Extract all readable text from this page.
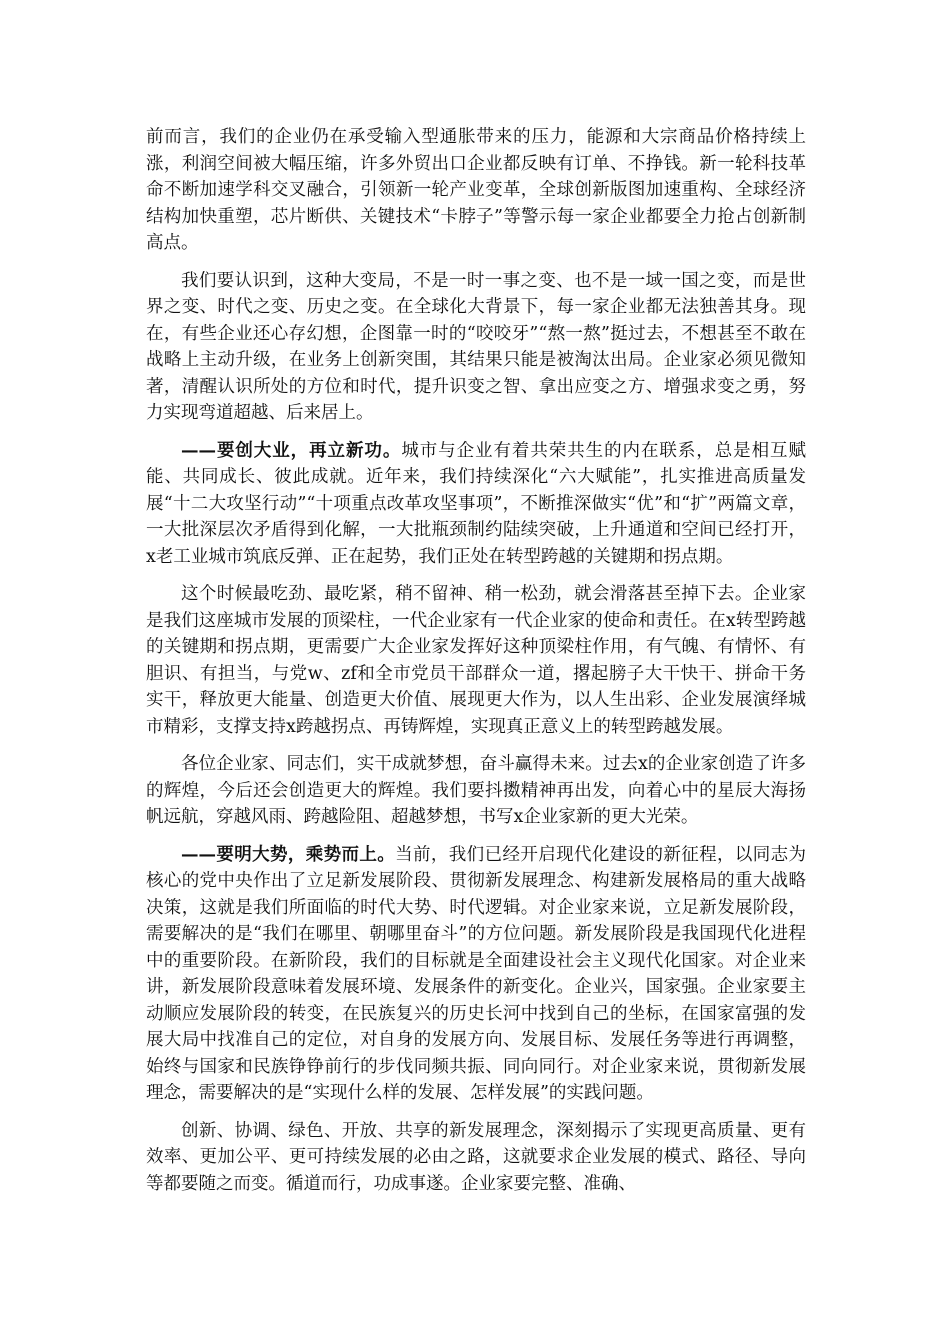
前而言，我们的企业仍在承受输入型通胀带来的压力，能源和大宗商品价格持续上涨，利润空间被大幅压缩，许多外贸出口企业都反映有订单、不挣钱。新一轮科技革命不断加速学科交叉融合，引领新一轮产业变革，全球创新版图加速重构、全球经济结构加快重塑，芯片断供、关键技术“卡脖子”等警示每一家企业都要全力抢占创新制高点。

我们要认识到，这种大变局，不是一时一事之变、也不是一域一国之变，而是世界之变、时代之变、历史之变。在全球化大背景下，每一家企业都无法独善其身。现在，有些企业还心存幻想，企图靠一时的“咬咬牙”“熬一熬”挺过去，不想甚至不敢在战略上主动升级，在业务上创新突围，其结果只能是被淘汰出局。企业家必须见微知著，清醒认识所处的方位和时代，提升识变之智、拿出应变之方、增强求变之勇，努力实现弯道超越、后来居上。

——要创大业，再立新功。城市与企业有着共荣共生的内在联系，总是相互赋能、共同成长、彼此成就。近年来，我们持续深化“六大赋能”，扎实推进高质量发展“十二大攻坚行动”“十项重点改革攻坚事项”，不断推深做实“优”和“扩”两篇文章，一大批深层次矛盾得到化解，一大批瓶颈制约陆续突破，上升通道和空间已经打开， x老工业城市筑底反弹、正在起势，我们正处在转型跨越的关键期和拐点期。

这个时候最吃劲、最吃紧，稍不留神、稍一松劲，就会滑落甚至掉下去。企业家是我们这座城市发展的顶梁柱，一代企业家有一代企业家的使命和责任。在x转型跨越的关键期和拐点期，更需要广大企业家发挥好这种顶梁柱作用，有气魄、有情怀、有胆识、有担当，与党w、zf和全市党员干部群众一道，撂起膀子大干快干、拼命干务实干，释放更大能量、创造更大价值、展现更大作为，以人生出彩、企业发展演绎城市精彩，支撑支持x跨越拐点、再铸辉煌，实现真正意义上的转型跨越发展。

各位企业家、同志们，实干成就梦想，奋斗赢得未来。过去x的企业家创造了许多的辉煌，今后还会创造更大的辉煌。我们要抖擞精神再出发，向着心中的星辰大海扬帆远航，穿越风雨、跨越险阻、超越梦想，书写x企业家新的更大光荣。

——要明大势，乘势而上。当前，我们已经开启现代化建设的新征程，以同志为核心的党中央作出了立足新发展阶段、贯彻新发展理念、构建新发展格局的重大战略决策，这就是我们所面临的时代大势、时代逻辑。对企业家来说，立足新发展阶段，需要解决的是“我们在哪里、朝哪里奋斗”的方位问题。新发展阶段是我国现代化进程中的重要阶段。在新阶段，我们的目标就是全面建设社会主义现代化国家。对企业来讲，新发展阶段意味着发展环境、发展条件的新变化。企业兴，国家强。企业家要主动顺应发展阶段的转变，在民族复兴的历史长河中找到自己的坐标，在国家富强的发展大局中找准自己的定位，对自身的发展方向、发展目标、发展任务等进行再调整，始终与国家和民族铮铮前行的步伐同频共振、同向同行。对企业家来说，贯彻新发展理念，需要解决的是“实现什么样的发展、怎样发展”的实践问题。

创新、协调、绿色、开放、共享的新发展理念，深刻揭示了实现更高质量、更有效率、更加公平、更可持续发展的必由之路，这就要求企业发展的模式、路径、导向等都要随之而变。循道而行，功成事遂。企业家要完整、准确、
